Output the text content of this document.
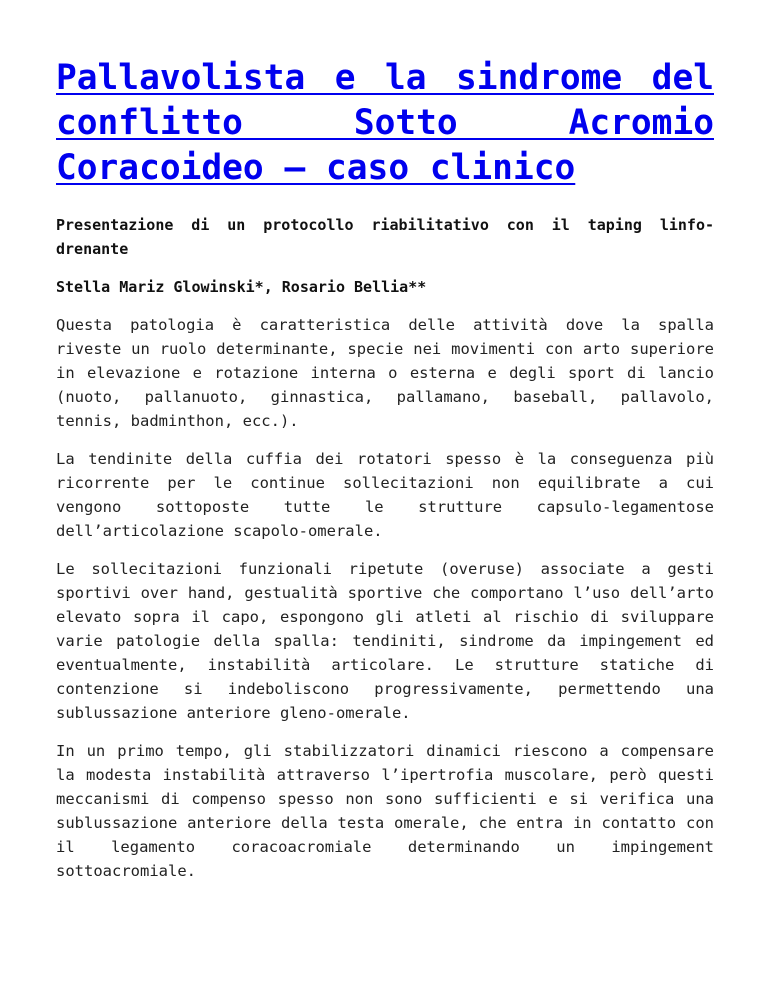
Pallavolista e la sindrome del conflitto Sotto Acromio Coracoideo – caso clinico

Presentazione di un protocollo riabilitativo con il taping linfo-drenante

Stella Mariz Glowinski*, Rosario Bellia**

Questa patologia è caratteristica delle attività dove la spalla riveste un ruolo determinante, specie nei movimenti con arto superiore in elevazione e rotazione interna o esterna e degli sport di lancio (nuoto, pallanuoto, ginnastica, pallamano, baseball, pallavolo, tennis, badminthon, ecc.).

La tendinite della cuffia dei rotatori spesso è la conseguenza più ricorrente per le continue sollecitazioni non equilibrate a cui vengono sottoposte tutte le strutture capsulo-legamentose dell’articolazione scapolo-omerale.

Le sollecitazioni funzionali ripetute (overuse) associate a gesti sportivi over hand, gestualità sportive che comportano l’uso dell’arto elevato sopra il capo, espongono gli atleti al rischio di sviluppare varie patologie della spalla: tendiniti, sindrome da impingement ed eventualmente, instabilità articolare. Le strutture statiche di contenzione si indeboliscono progressivamente, permettendo una sublussazione anteriore gleno-omerale.

In un primo tempo, gli stabilizzatori dinamici riescono a compensare la modesta instabilità attraverso l’ipertrofia muscolare, però questi meccanismi di compenso spesso non sono sufficienti e si verifica una sublussazione anteriore della testa omerale, che entra in contatto con il legamento coracoacromiale determinando un impingement sottoacromiale.
